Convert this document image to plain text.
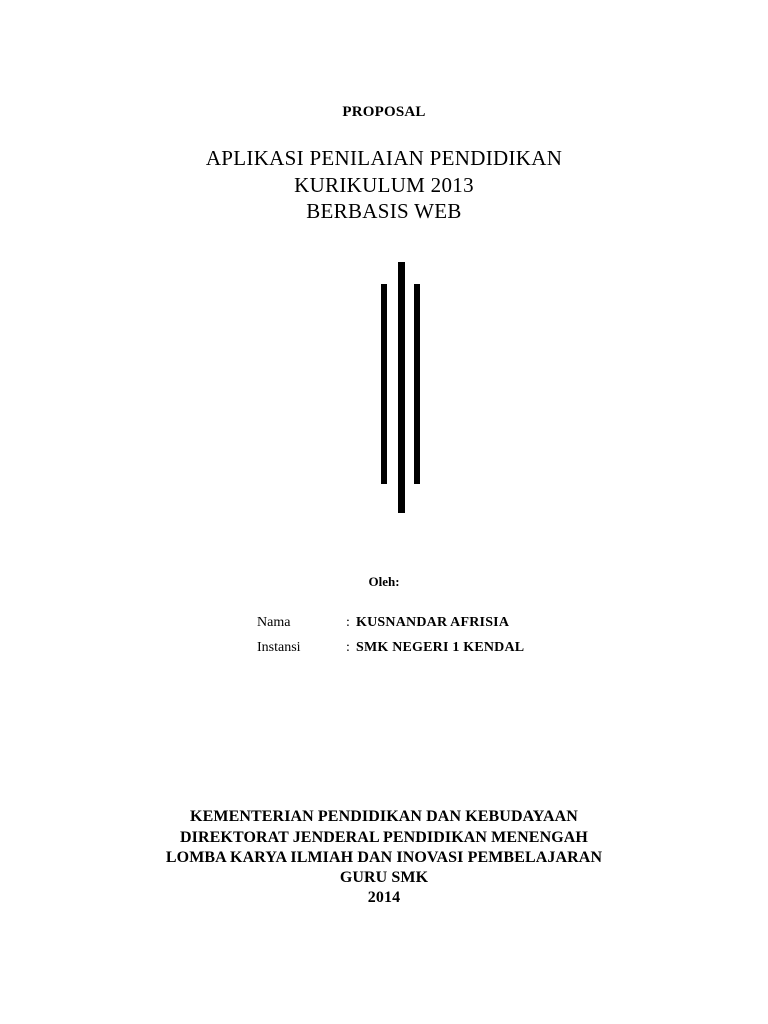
PROPOSAL
APLIKASI PENILAIAN PENDIDIKAN
KURIKULUM 2013
BERBASIS WEB
Oleh:
Nama	: KUSNANDAR AFRISIA
Instansi	: SMK NEGERI 1 KENDAL
KEMENTERIAN PENDIDIKAN DAN KEBUDAYAAN
DIREKTORAT JENDERAL PENDIDIKAN MENENGAH
LOMBA KARYA ILMIAH DAN INOVASI PEMBELAJARAN
GURU SMK
2014
